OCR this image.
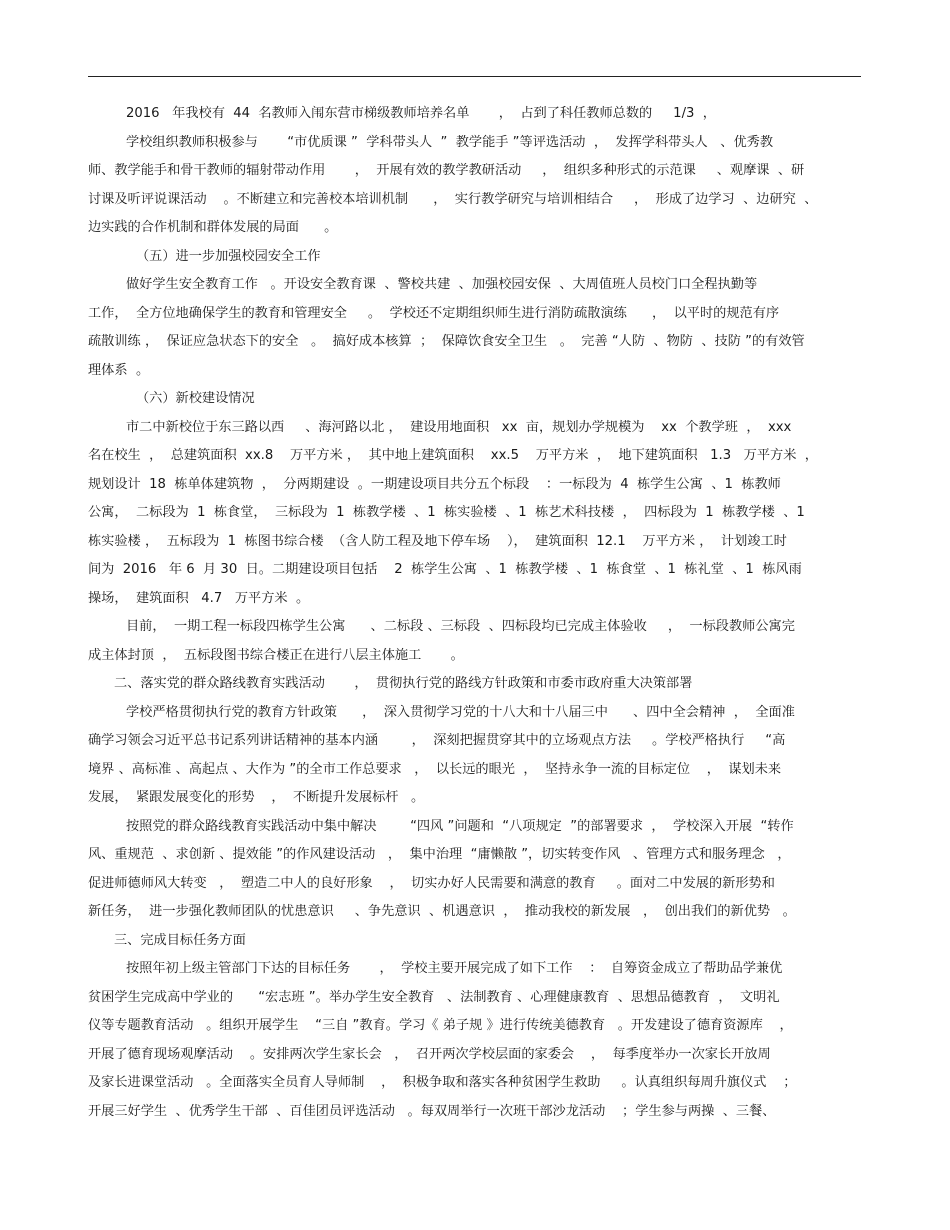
2016   年我校有  44  名教师入闱东营市梯级教师培养名单       ，  占到了科任教师总数的     1/3  ，
学校组织教师积极参与       “市优质课 ”  学科带头人  ”  教学能手 ”等评选活动  ，  发挥学科带头人   、优秀教
师、教学能手和骨干教师的辐射带动作用       ，  开展有效的教学教研活动     ，  组织多种形式的示范课     、观摩课  、研
讨课及听评说课活动    。不断建立和完善校本培训机制      ，  实行教学研究与培训相结合     ，  形成了边学习  、边研究  、
边实践的合作机制和群体发展的局面      。
（五）进一步加强校园安全工作
做好学生安全教育工作   。开设安全教育课  、警校共建  、加强校园安保  、大周值班人员校门口全程执勤等
工作，  全方位地确保学生的教育和管理安全     。  学校还不定期组织师生进行消防疏散演练      ，  以平时的规范有序
疏散训练 ，  保证应急状态下的安全   。  搞好成本核算  ；  保障饮食安全卫生   。  完善 “人防  、物防  、技防 ”的有效管
理体系  。
（六）新校建设情况
市二中新校位于东三路以西     、海河路以北 ，  建设用地面积   xx  亩，规划办学规模为    xx  个教学班  ，  xxx
名在校生  ，  总建筑面积  xx.8    万平方米 ，  其中地上建筑面积    xx.5    万平方米  ，  地下建筑面积   1.3   万平方米  ，
规划设计  18  栋单体建筑物  ，  分两期建设  。一期建设项目共分五个标段    ：一标段为  4  栋学生公寓  、1  栋教师
公寓，  二标段为  1  栋食堂，  三标段为  1  栋教学楼  、1  栋实验楼  、1  栋艺术科技楼  ，  四标段为  1  栋教学楼  、1
栋实验楼 ，  五标段为  1  栋图书综合楼  （含人防工程及地下停车场    ），  建筑面积  12.1    万平方米 ，  计划竣工时
间为  2016   年 6  月 30  日。二期建设项目包括    2  栋学生公寓  、1  栋教学楼  、1  栋食堂  、1  栋礼堂  、1  栋风雨
操场，  建筑面积   4.7   万平方米  。
目前，  一期工程一标段四栋学生公寓      、二标段 、三标段  、四标段均已完成主体验收     ，  一标段教师公寓完
成主体封顶  ，  五标段图书综合楼正在进行八层主体施工       。
二、落实党的群众路线教育实践活动       ，  贯彻执行党的路线方针政策和市委市政府重大决策部署
学校严格贯彻执行党的教育方针政策      ，  深入贯彻学习党的十八大和十八届三中      、四中全会精神  ，  全面准
确学习领会习近平总书记系列讲话精神的基本内涵        ，  深刻把握贯穿其中的立场观点方法     。学校严格执行     “高
境界 、高标准 、高起点 、大作为 ”的全市工作总要求   ，  以长远的眼光  ，  坚持永争一流的目标定位    ，  谋划未来
发展，  紧跟发展变化的形势    ，  不断提升发展标杆   。
按照党的群众路线教育实践活动中集中解决        “四风 ”问题和  “八项规定  ”的部署要求  ，  学校深入开展  “转作
风、重规范  、求创新 、提效能 ”的作风建设活动   ，  集中治理  “庸懒散 ”，切实转变作风   、管理方式和服务理念   ，
促进师德师风大转变   ，  塑造二中人的良好形象    ，  切实办好人民需要和满意的教育     。面对二中发展的新形势和
新任务，  进一步强化教师团队的忧患意识     、争先意识  、机遇意识  ，  推动我校的新发展   ，  创出我们的新优势   。
三、完成目标任务方面
按照年初上级主管部门下达的目标任务       ，  学校主要开展完成了如下工作    ：  自筹资金成立了帮助品学兼优
贫困学生完成高中学业的      “宏志班 ”。举办学生安全教育   、法制教育 、心理健康教育  、思想品德教育  ，  文明礼
仪等专题教育活动   。组织开展学生    “三自 ”教育。学习《 弟子规 》进行传统美德教育   。开发建设了德育资源库    ，
开展了德育现场观摩活动    。安排两次学生家长会   ，  召开两次学校层面的家委会    ，  每季度举办一次家长开放周
及家长进课堂活动   。全面落实全员育人导师制    ，  积极争取和落实各种贫困学生救助     。认真组织每周升旗仪式    ；
开展三好学生  、优秀学生干部  、百佳团员评选活动   。每双周举行一次班干部沙龙活动    ；学生参与两操  、三餐、
